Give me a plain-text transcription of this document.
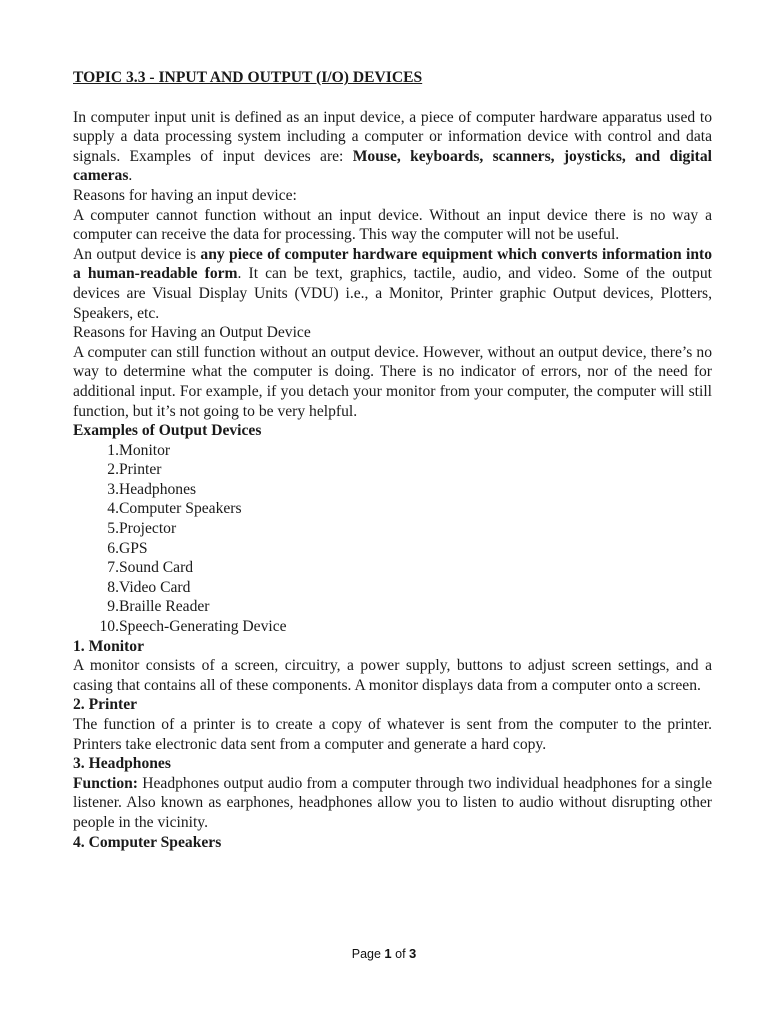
TOPIC 3.3 - INPUT AND OUTPUT (I/O) DEVICES

In computer input unit is defined as an input device, a piece of computer hardware apparatus used to supply a data processing system including a computer or information device with control and data signals. Examples of input devices are: Mouse, keyboards, scanners, joysticks, and digital cameras.

Reasons for having an input device:

A computer cannot function without an input device. Without an input device there is no way a computer can receive the data for processing. This way the computer will not be useful.

An output device is any piece of computer hardware equipment which converts information into a human-readable form. It can be text, graphics, tactile, audio, and video. Some of the output devices are Visual Display Units (VDU) i.e., a Monitor, Printer graphic Output devices, Plotters, Speakers, etc.

Reasons for Having an Output Device

A computer can still function without an output device. However, without an output device, there’s no way to determine what the computer is doing. There is no indicator of errors, nor of the need for additional input. For example, if you detach your monitor from your computer, the computer will still function, but it’s not going to be very helpful.

Examples of Output Devices

1. Monitor
2. Printer
3. Headphones
4. Computer Speakers
5. Projector
6. GPS
7. Sound Card
8. Video Card
9. Braille Reader
10. Speech-Generating Device

1. Monitor

A monitor consists of a screen, circuitry, a power supply, buttons to adjust screen settings, and a casing that contains all of these components. A monitor displays data from a computer onto a screen.

2. Printer

The function of a printer is to create a copy of whatever is sent from the computer to the printer. Printers take electronic data sent from a computer and generate a hard copy.

3. Headphones

Function: Headphones output audio from a computer through two individual headphones for a single listener. Also known as earphones, headphones allow you to listen to audio without disrupting other people in the vicinity.

4. Computer Speakers

Page 1 of 3
